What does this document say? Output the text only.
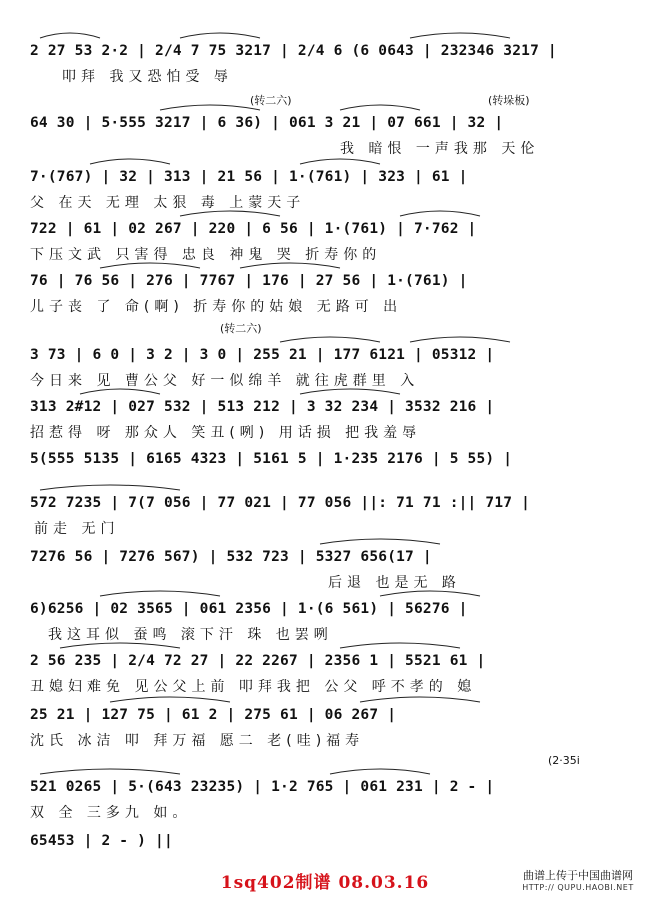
2 27 53 2·2 | 2/4 7 75 3217 | 2/4 6 (6 0643 | 232346 3217 |
叩拜 我又恐怕受 辱
(转二六)	(转垛板)
64 30 | 5·555 3217 | 6 36) | 061 3 21 | 07 661 | 32 |
我 暗恨 一声我那 天伦
7·(767) | 32 | 313 | 21 56 | 1·(761) | 323 | 61 |
父 在天 无理 太狠 毒 上蒙天子
722 | 61 | 02 267 | 220 | 6 56 | 1·(761) | 7·762 |
下压文武 只害得 忠良 神鬼 哭 折寿你的
76 | 76 56 | 276 | 7767 | 176 | 27 56 | 1·(761) |
儿子丧 了 命(啊) 折寿你的姑娘 无路可 出
(转二六)
3 73 | 6 0 | 3 2 | 3 0 | 255 21 | 177 6121 | 05312 |
今日来 见 曹公父 好一似绵羊 就往虎群里 入
313 2#12 | 027 532 | 513 212 | 3 32 234 | 3532 216 |
招惹得 呀 那众人 笑丑(咧) 用话损 把我羞辱
5(555 5135 | 6165 4323 | 5161 5 | 1·235 2176 | 5 55) |
572 7235 | 7(7 056 | 77 021 | 77 056 ||: 71 71 :|| 717 |
前走 无门
7276 56 | 7276 567) | 532 723 | 5327 656(17 |
后退 也是无 路
6)6256 | 02 3565 | 061 2356 | 1·(6 561) | 56276 |
我这耳似 蚕鸣 滚下汗 珠 也罢咧
2 56 235 | 2/4 72 27 | 22 2267 | 2356 1 | 5521 61 |
丑媳妇难免 见公父上前 叩拜我把 公父 呼不孝的 媳
25 21 | 127 75 | 61 2 | 275 61 | 06 267 |
沈氏 冰洁 叩 拜万福 愿二 老(哇)福寿
(2·35i
521 0265 | 5·(643 23235) | 1·2 765 | 061 231 | 2 - |
双 全 三多九 如。
65453 | 2 - ) ||
1sq402制谱 08.03.16	曲谱上传于中国曲谱网
HTTP:// QUPU.HAOBI.NET
